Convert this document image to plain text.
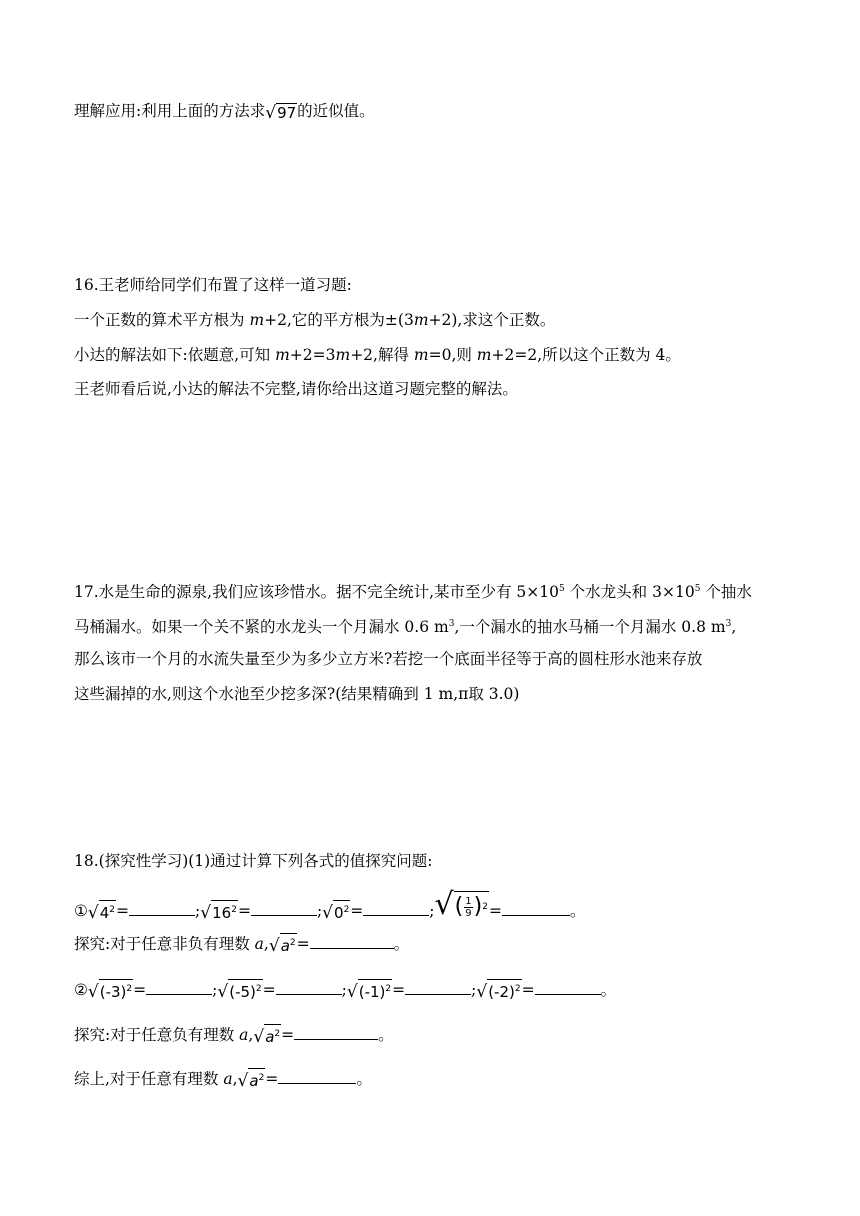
理解应用:利用上面的方法求 √ 97 的近似值。
16.王老师给同学们布置了这样一道习题:
一个正数的算术平方根为 m+2,它的平方根为±(3m+2),求这个正数。
小达的解法如下:依题意,可知 m+2=3m+2,解得 m=0,则 m+2=2,所以这个正数为 4。
王老师看后说,小达的解法不完整,请你给出这道习题完整的解法。
17.水是生命的源泉,我们应该珍惜水。据不完全统计,某市至少有 $5\times 10^5$ 个水龙头和 $3\times 10^5$ 个抽水
马桶漏水。如果一个关不紧的水龙头一个月漏水 0.6 $m^3$,一个漏水的抽水马桶一个月漏水 0.8 $m^3$,
那么该市一个月的水流失量至少为多少立方米?若挖一个底面半径等于高的圆柱形水池来存放
这些漏掉的水,则这个水池至少挖多深?(结果精确到 1 m,π取 3.0)
18.(探究性学习)(1)通过计算下列各式的值探究问题:
① √ $4^2$ =	; √ $16^2$ =	; √ $0^2$ =	; √ ( $\frac{1}{9}$ ) 2 =	。
探究:对于任意非负有理数 a, √ $a^2$ =	。
② √ $(-3)^2$ =	; √ $(-5)^2$ =	; √ $(-1)^2$ =	; √ $(-2)^2$ =	。
探究:对于任意负有理数 a, √ $a^2$ =	。
综上,对于任意有理数 a, √ $a^2$ =	。
